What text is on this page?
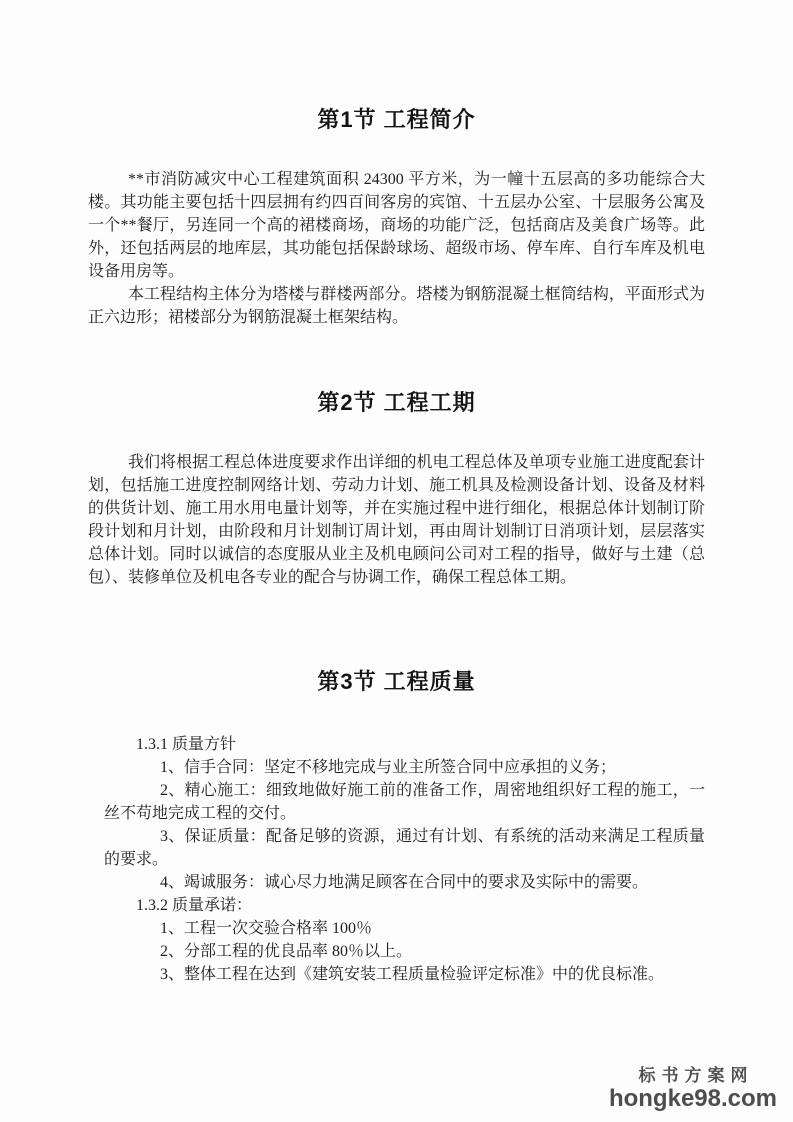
第1节 工程简介

**市消防减灾中心工程建筑面积 24300 平方米，为一幢十五层高的多功能综合大楼。其功能主要包括十四层拥有约四百间客房的宾馆、十五层办公室、十层服务公寓及一个**餐厅，另连同一个高的裙楼商场，商场的功能广泛，包括商店及美食广场等。此外，还包括两层的地库层，其功能包括保龄球场、超级市场、停车库、自行车库及机电设备用房等。

本工程结构主体分为塔楼与群楼两部分。塔楼为钢筋混凝土框筒结构，平面形式为正六边形；裙楼部分为钢筋混凝土框架结构。

第2节 工程工期

我们将根据工程总体进度要求作出详细的机电工程总体及单项专业施工进度配套计划，包括施工进度控制网络计划、劳动力计划、施工机具及检测设备计划、设备及材料的供货计划、施工用水用电量计划等，并在实施过程中进行细化，根据总体计划制订阶段计划和月计划，由阶段和月计划制订周计划，再由周计划制订日消项计划，层层落实总体计划。同时以诚信的态度服从业主及机电顾问公司对工程的指导，做好与土建（总包）、装修单位及机电各专业的配合与协调工作，确保工程总体工期。

第3节 工程质量

1.3.1 质量方针

1、信手合同：坚定不移地完成与业主所签合同中应承担的义务；

2、精心施工：细致地做好施工前的准备工作，周密地组织好工程的施工，一丝不苟地完成工程的交付。

3、保证质量：配备足够的资源，通过有计划、有系统的活动来满足工程质量的要求。

4、竭诚服务：诚心尽力地满足顾客在合同中的要求及实际中的需要。

1.3.2 质量承诺：

1、工程一次交验合格率 100％

2、分部工程的优良品率 80％以上。

3、整体工程在达到《建筑安装工程质量检验评定标准》中的优良标准。

标书方案网
hongke98.com
